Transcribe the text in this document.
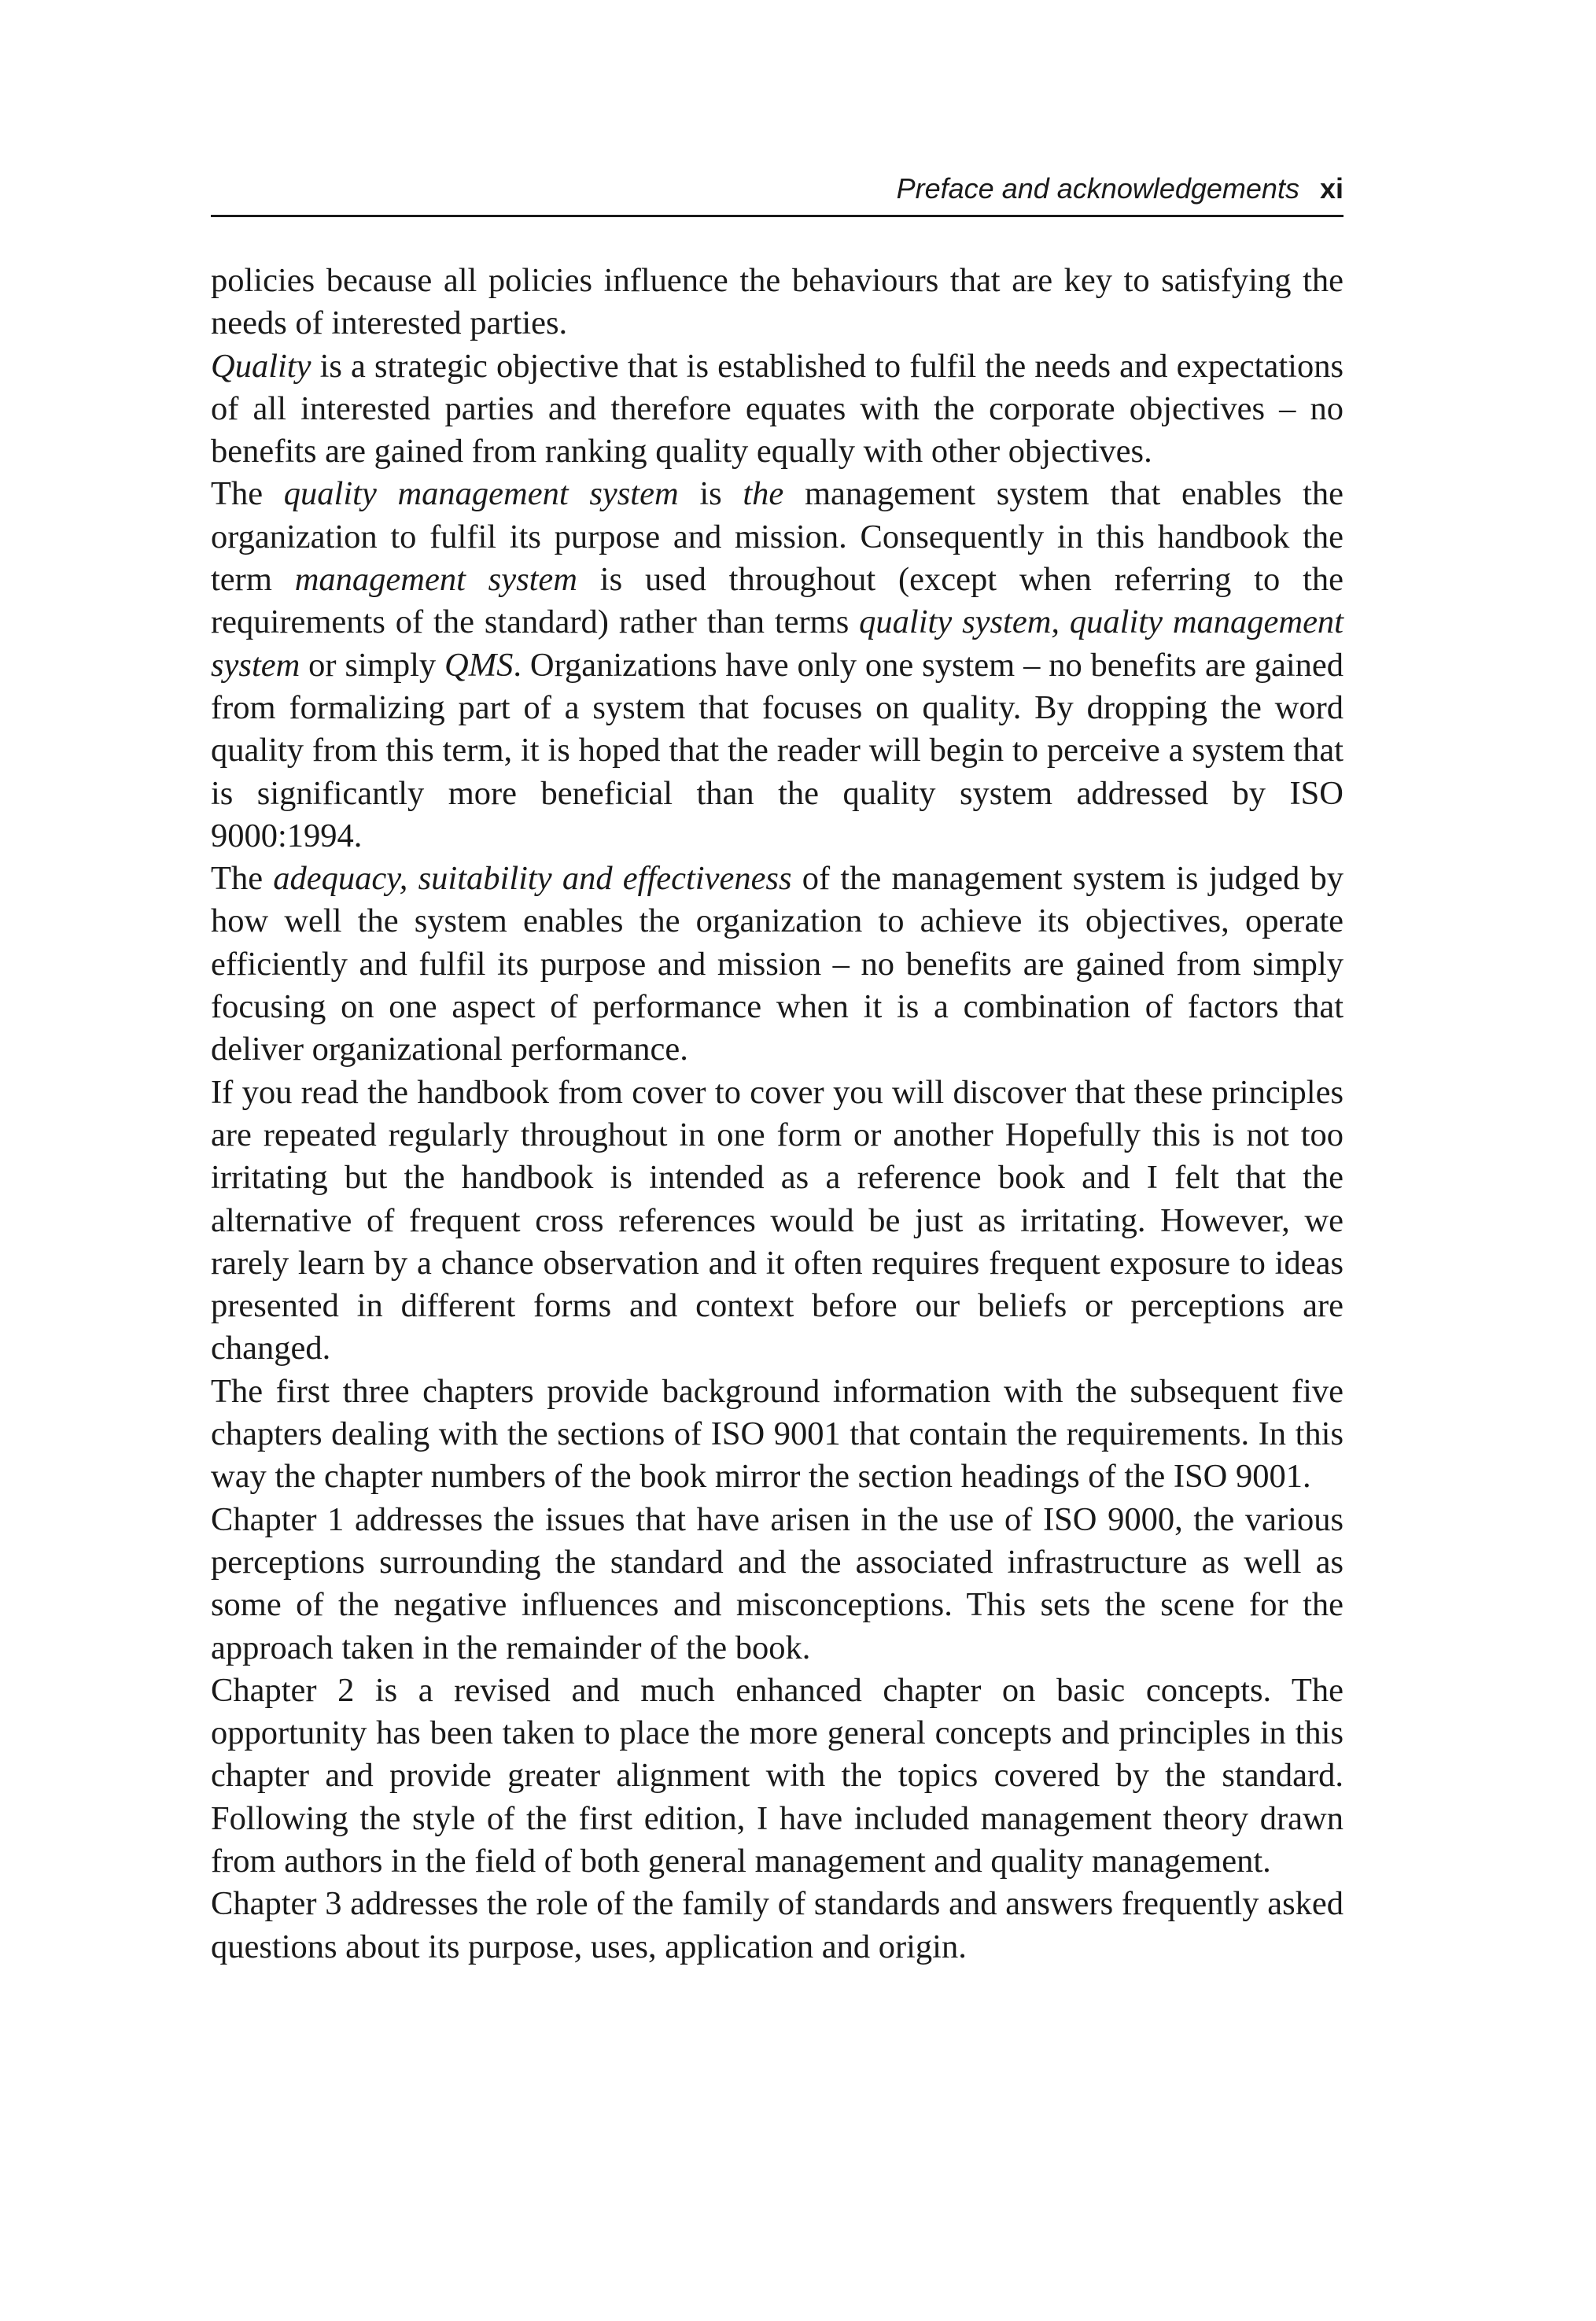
Preface and acknowledgements xi

policies because all policies influence the behaviours that are key to satisfying the needs of interested parties.

Quality is a strategic objective that is established to fulfil the needs and expectations of all interested parties and therefore equates with the corporate objectives – no benefits are gained from ranking quality equally with other objectives.

The quality management system is the management system that enables the organization to fulfil its purpose and mission. Consequently in this handbook the term management system is used throughout (except when referring to the requirements of the standard) rather than terms quality system, quality management system or simply QMS. Organizations have only one system – no benefits are gained from formalizing part of a system that focuses on quality. By dropping the word quality from this term, it is hoped that the reader will begin to perceive a system that is significantly more beneficial than the quality system addressed by ISO 9000:1994.

The adequacy, suitability and effectiveness of the management system is judged by how well the system enables the organization to achieve its objectives, operate efficiently and fulfil its purpose and mission – no benefits are gained from simply focusing on one aspect of performance when it is a combination of factors that deliver organizational performance.

If you read the handbook from cover to cover you will discover that these principles are repeated regularly throughout in one form or another Hopefully this is not too irritating but the handbook is intended as a reference book and I felt that the alternative of frequent cross references would be just as irritating. However, we rarely learn by a chance observation and it often requires frequent exposure to ideas presented in different forms and context before our beliefs or perceptions are changed.

The first three chapters provide background information with the subsequent five chapters dealing with the sections of ISO 9001 that contain the requirements. In this way the chapter numbers of the book mirror the section headings of the ISO 9001.

Chapter 1 addresses the issues that have arisen in the use of ISO 9000, the various perceptions surrounding the standard and the associated infrastructure as well as some of the negative influences and misconceptions. This sets the scene for the approach taken in the remainder of the book.

Chapter 2 is a revised and much enhanced chapter on basic concepts. The opportunity has been taken to place the more general concepts and principles in this chapter and provide greater alignment with the topics covered by the standard. Following the style of the first edition, I have included management theory drawn from authors in the field of both general management and quality management.

Chapter 3 addresses the role of the family of standards and answers frequently asked questions about its purpose, uses, application and origin.
